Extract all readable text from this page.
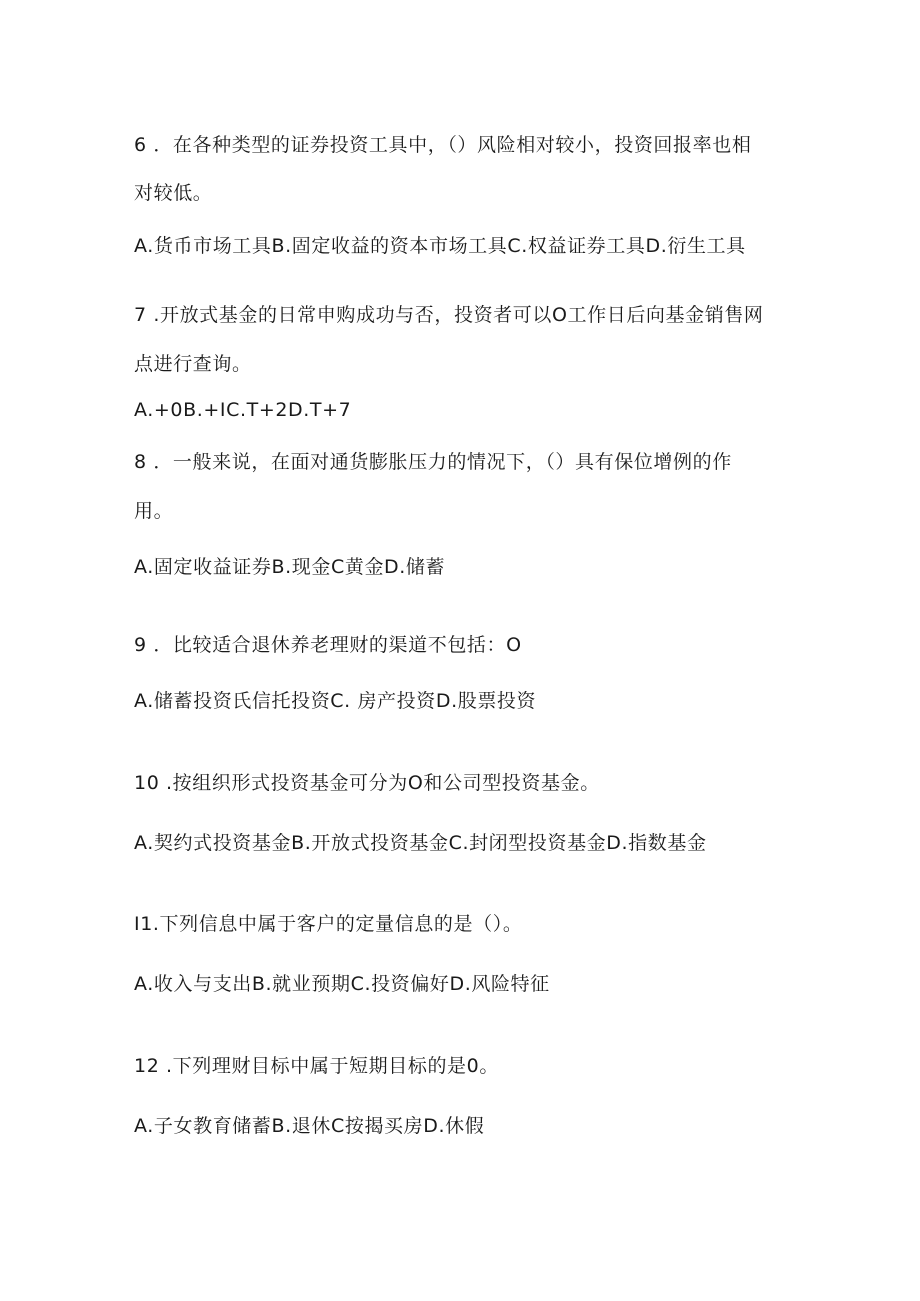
6 ．在各种类型的证券投资工具中，（）风险相对较小，投资回报率也相
对较低。
A.货币市场工具B.固定收益的资本市场工具C.权益证券工具D.衍生工具
7 .开放式基金的日常申购成功与否，投资者可以O工作日后向基金销售网
点进行查询。
A.+0B.+IC.T+2D.T+7
8 ．一般来说，在面对通货膨胀压力的情况下，（）具有保位增例的作
用。
A.固定收益证券B.现金C黄金D.储蓄
9 ．比较适合退休养老理财的渠道不包括：O
A.储蓄投资氏信托投资C. 房产投资D.股票投资
10 .按组织形式投资基金可分为O和公司型投资基金。
A.契约式投资基金B.开放式投资基金C.封闭型投资基金D.指数基金
I1.下列信息中属于客户的定量信息的是（）。
A.收入与支出B.就业预期C.投资偏好D.风险特征
12 .下列理财目标中属于短期目标的是0。
A.子女教育储蓄B.退休C按揭买房D.休假
